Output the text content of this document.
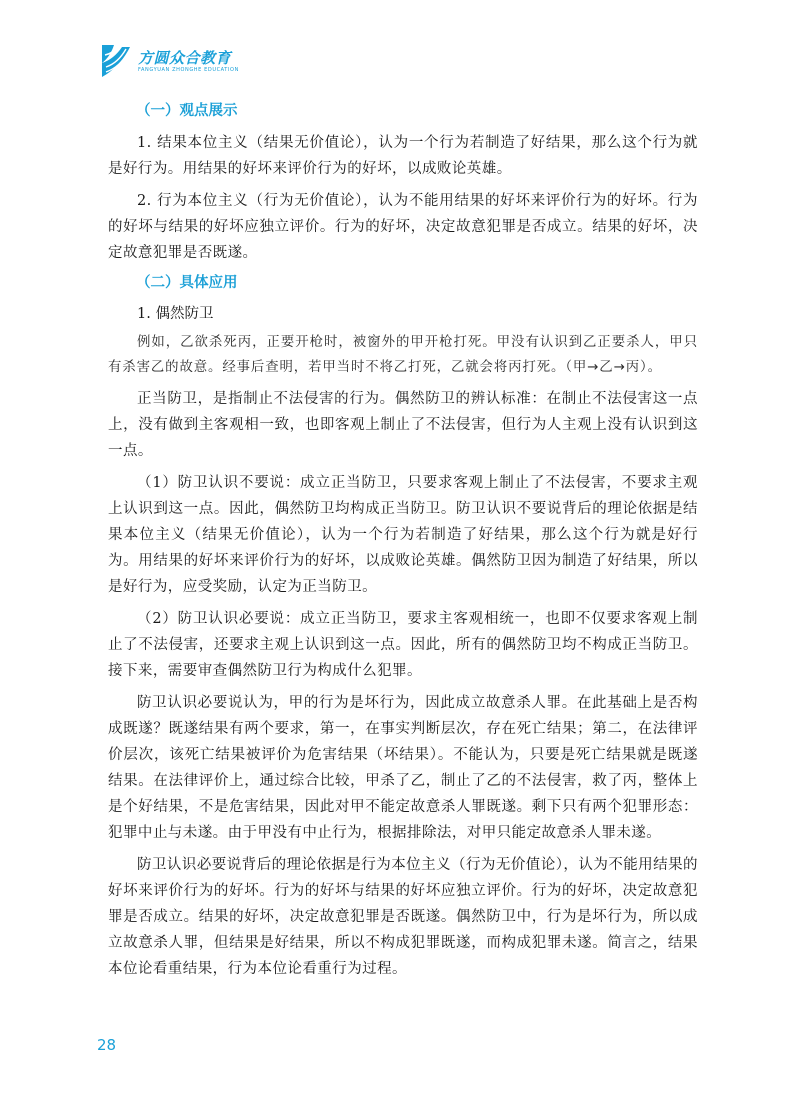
方圆众合教育
FANGYUAN ZHONGHE EDUCATION
（一）观点展示

1. 结果本位主义（结果无价值论），认为一个行为若制造了好结果，那么这个行为就是好行为。用结果的好坏来评价行为的好坏，以成败论英雄。

2. 行为本位主义（行为无价值论），认为不能用结果的好坏来评价行为的好坏。行为的好坏与结果的好坏应独立评价。行为的好坏，决定故意犯罪是否成立。结果的好坏，决定故意犯罪是否既遂。

（二）具体应用

1. 偶然防卫

例如，乙欲杀死丙，正要开枪时，被窗外的甲开枪打死。甲没有认识到乙正要杀人，甲只有杀害乙的故意。经事后查明，若甲当时不将乙打死，乙就会将丙打死。（甲→乙→丙）。

正当防卫，是指制止不法侵害的行为。偶然防卫的辨认标准：在制止不法侵害这一点上，没有做到主客观相一致，也即客观上制止了不法侵害，但行为人主观上没有认识到这一点。

（1）防卫认识不要说：成立正当防卫，只要求客观上制止了不法侵害，不要求主观上认识到这一点。因此，偶然防卫均构成正当防卫。防卫认识不要说背后的理论依据是结果本位主义（结果无价值论），认为一个行为若制造了好结果，那么这个行为就是好行为。用结果的好坏来评价行为的好坏，以成败论英雄。偶然防卫因为制造了好结果，所以是好行为，应受奖励，认定为正当防卫。

（2）防卫认识必要说：成立正当防卫，要求主客观相统一，也即不仅要求客观上制止了不法侵害，还要求主观上认识到这一点。因此，所有的偶然防卫均不构成正当防卫。接下来，需要审查偶然防卫行为构成什么犯罪。

防卫认识必要说认为，甲的行为是坏行为，因此成立故意杀人罪。在此基础上是否构成既遂？既遂结果有两个要求，第一，在事实判断层次，存在死亡结果；第二，在法律评价层次，该死亡结果被评价为危害结果（坏结果）。不能认为，只要是死亡结果就是既遂结果。在法律评价上，通过综合比较，甲杀了乙，制止了乙的不法侵害，救了丙，整体上是个好结果，不是危害结果，因此对甲不能定故意杀人罪既遂。剩下只有两个犯罪形态：犯罪中止与未遂。由于甲没有中止行为，根据排除法，对甲只能定故意杀人罪未遂。

防卫认识必要说背后的理论依据是行为本位主义（行为无价值论），认为不能用结果的好坏来评价行为的好坏。行为的好坏与结果的好坏应独立评价。行为的好坏，决定故意犯罪是否成立。结果的好坏，决定故意犯罪是否既遂。偶然防卫中，行为是坏行为，所以成立故意杀人罪，但结果是好结果，所以不构成犯罪既遂，而构成犯罪未遂。简言之，结果本位论看重结果，行为本位论看重行为过程。

28
